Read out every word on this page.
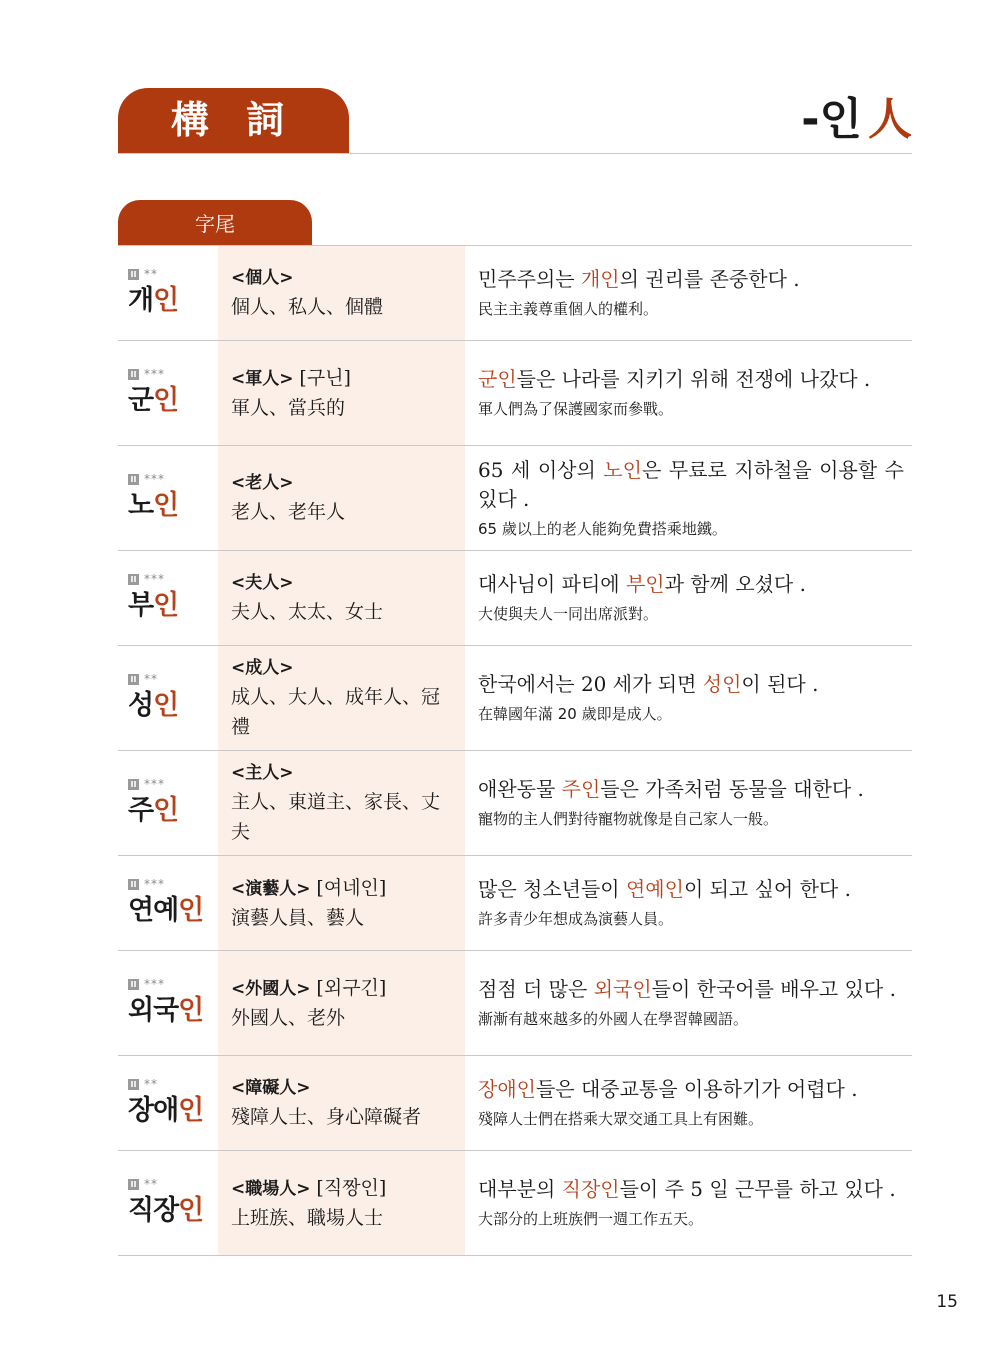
構 詞	-인 人
字尾
II **
개인
<個人>
個人、私人、個體
민주주의는 개인의 권리를 존중한다 .
民主主義尊重個人的權利。
II ***
군인
<軍人> [구닌]
軍人、當兵的
군인들은 나라를 지키기 위해 전쟁에 나갔다 .
軍人們為了保護國家而參戰。
II ***
노인
<老人>
老人、老年人
65 세 이상의 노인은 무료로 지하철을 이용할 수 있다 .
65 歲以上的老人能夠免費搭乘地鐵。
II ***
부인
<夫人>
夫人、太太、女士
대사님이 파티에 부인과 함께 오셨다 .
大使與夫人一同出席派對。
II **
성인
<成人>
成人、大人、成年人、冠禮
한국에서는 20 세가 되면 성인이 된다 .
在韓國年滿 20 歲即是成人。
II ***
주인
<主人>
主人、東道主、家長、丈夫
애완동물 주인들은 가족처럼 동물을 대한다 .
寵物的主人們對待寵物就像是自己家人一般。
II ***
연예인
<演藝人> [여네인]
演藝人員、藝人
많은 청소년들이 연예인이 되고 싶어 한다 .
許多青少年想成為演藝人員。
II ***
외국인
<外國人> [외구긴]
外國人、老外
점점 더 많은 외국인들이 한국어를 배우고 있다 .
漸漸有越來越多的外國人在學習韓國語。
II **
장애인
<障礙人>
殘障人士、身心障礙者
장애인들은 대중교통을 이용하기가 어렵다 .
殘障人士們在搭乘大眾交通工具上有困難。
II **
직장인
<職場人> [직짱인]
上班族、職場人士
대부분의 직장인들이 주 5 일 근무를 하고 있다 .
大部分的上班族們一週工作五天。
15
